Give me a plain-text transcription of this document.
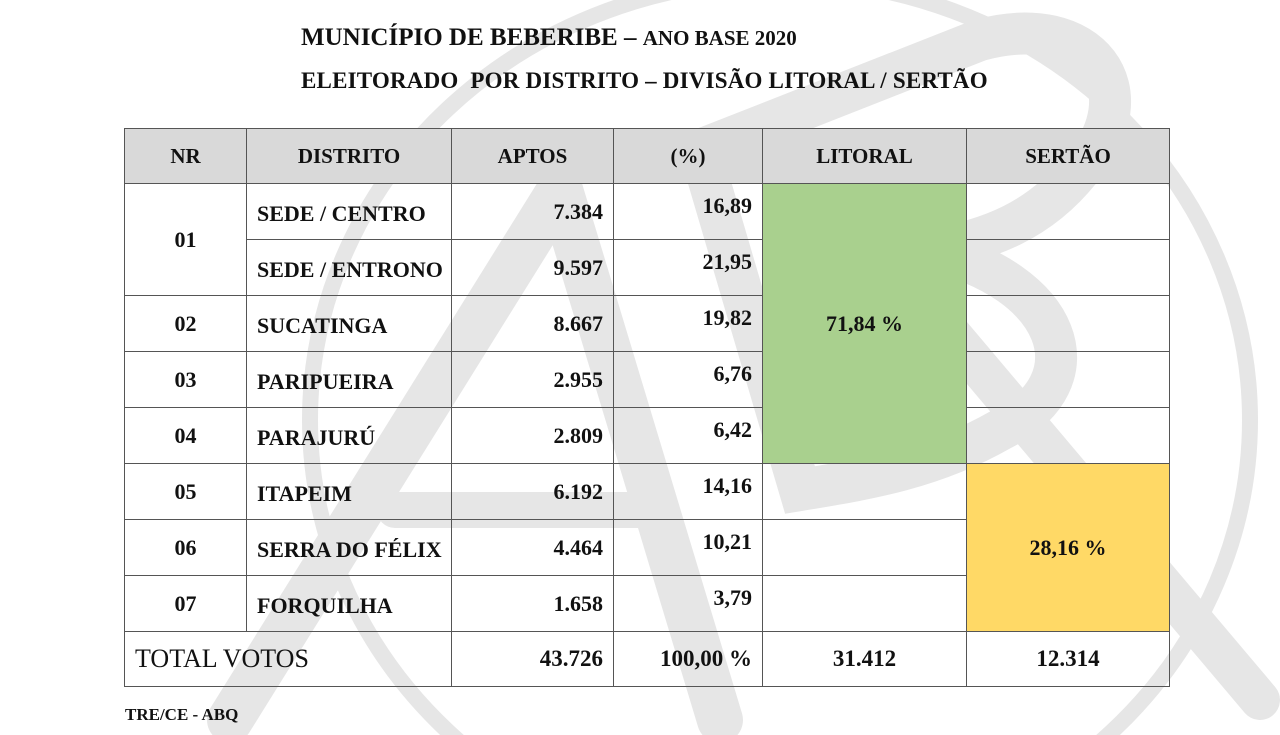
MUNICÍPIO DE BEBERIBE – ANO BASE 2020
ELEITORADO  POR DISTRITO – DIVISÃO LITORAL / SERTÃO
NR	DISTRITO	APTOS	(%)	LITORAL	SERTÃO
01	SEDE / CENTRO	7.384	16,89	71,84 %	

	SEDE / ENTRONO	9.597	21,95		

02	SUCATINGA	8.667	19,82		

03	PARIPUEIRA	2.955	6,76		

04	PARAJURÚ	2.809	6,42		

05	ITAPEIM	6.192	14,16		28,16 %
06	SERRA DO FÉLIX	4.464	10,21		

07	FORQUILHA	1.658	3,79		

TOTAL VOTOS		43.726	100,00 %	31.412	12.314
TRE/CE - ABQ
